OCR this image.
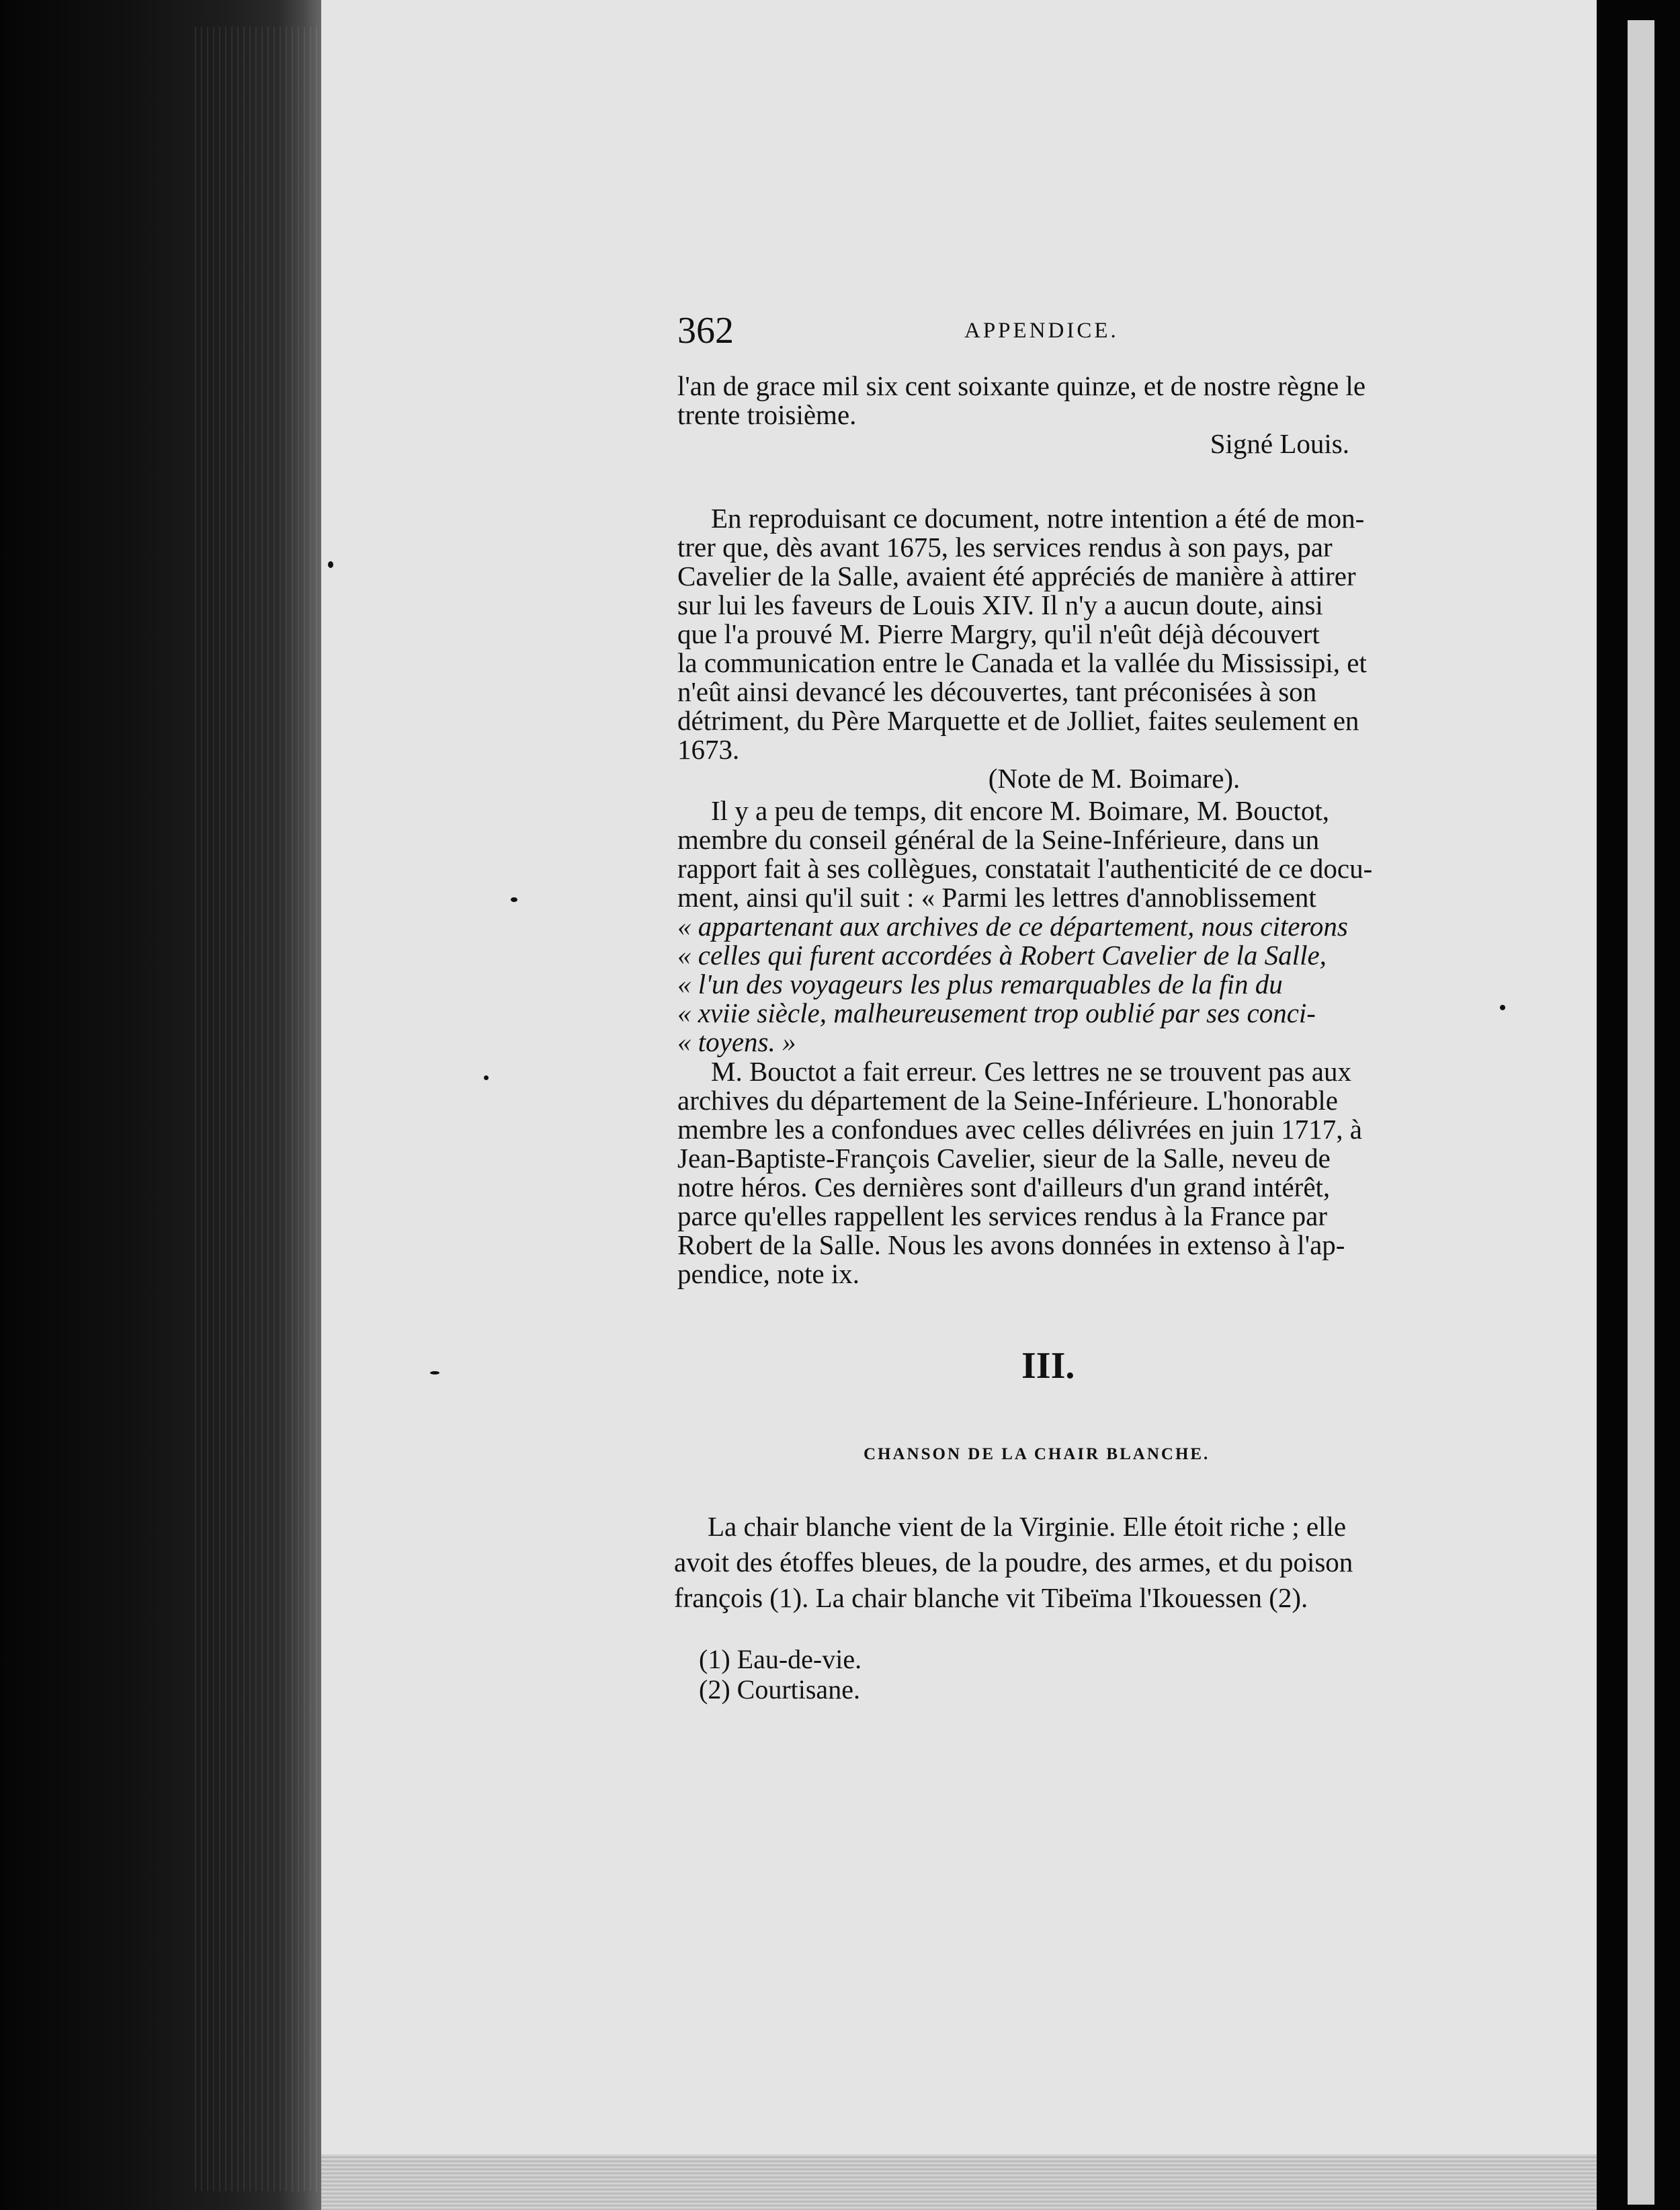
362	APPENDICE.

l'an de grace mil six cent soixante quinze, et de nostre règne le

trente troisième.

Signé Louis.

En reproduisant ce document, notre intention a été de mon-

trer que, dès avant 1675, les services rendus à son pays, par

Cavelier de la Salle, avaient été appréciés de manière à attirer

sur lui les faveurs de Louis XIV. Il n'y a aucun doute, ainsi

que l'a prouvé M. Pierre Margry, qu'il n'eût déjà découvert

la communication entre le Canada et la vallée du Mississipi, et

n'eût ainsi devancé les découvertes, tant préconisées à son

détriment, du Père Marquette et de Jolliet, faites seulement en

1673.

(Note de M. Boimare).

Il y a peu de temps, dit encore M. Boimare, M. Bouctot,

membre du conseil général de la Seine-Inférieure, dans un

rapport fait à ses collègues, constatait l'authenticité de ce docu-

ment, ainsi qu'il suit : « Parmi les lettres d'annoblissement

« appartenant aux archives de ce département, nous citerons

« celles qui furent accordées à Robert Cavelier de la Salle,

« l'un des voyageurs les plus remarquables de la fin du

« xviie siècle, malheureusement trop oublié par ses conci-

« toyens. »

M. Bouctot a fait erreur. Ces lettres ne se trouvent pas aux

archives du département de la Seine-Inférieure. L'honorable

membre les a confondues avec celles délivrées en juin 1717, à

Jean-Baptiste-François Cavelier, sieur de la Salle, neveu de

notre héros. Ces dernières sont d'ailleurs d'un grand intérêt,

parce qu'elles rappellent les services rendus à la France par

Robert de la Salle. Nous les avons données in extenso à l'ap-

pendice, note ix.

III.
CHANSON DE LA CHAIR BLANCHE.

La chair blanche vient de la Virginie. Elle étoit riche ; elle

avoit des étoffes bleues, de la poudre, des armes, et du poison

françois (1). La chair blanche vit Tibeïma l'Ikouessen (2).

(1) Eau-de-vie.
(2) Courtisane.
